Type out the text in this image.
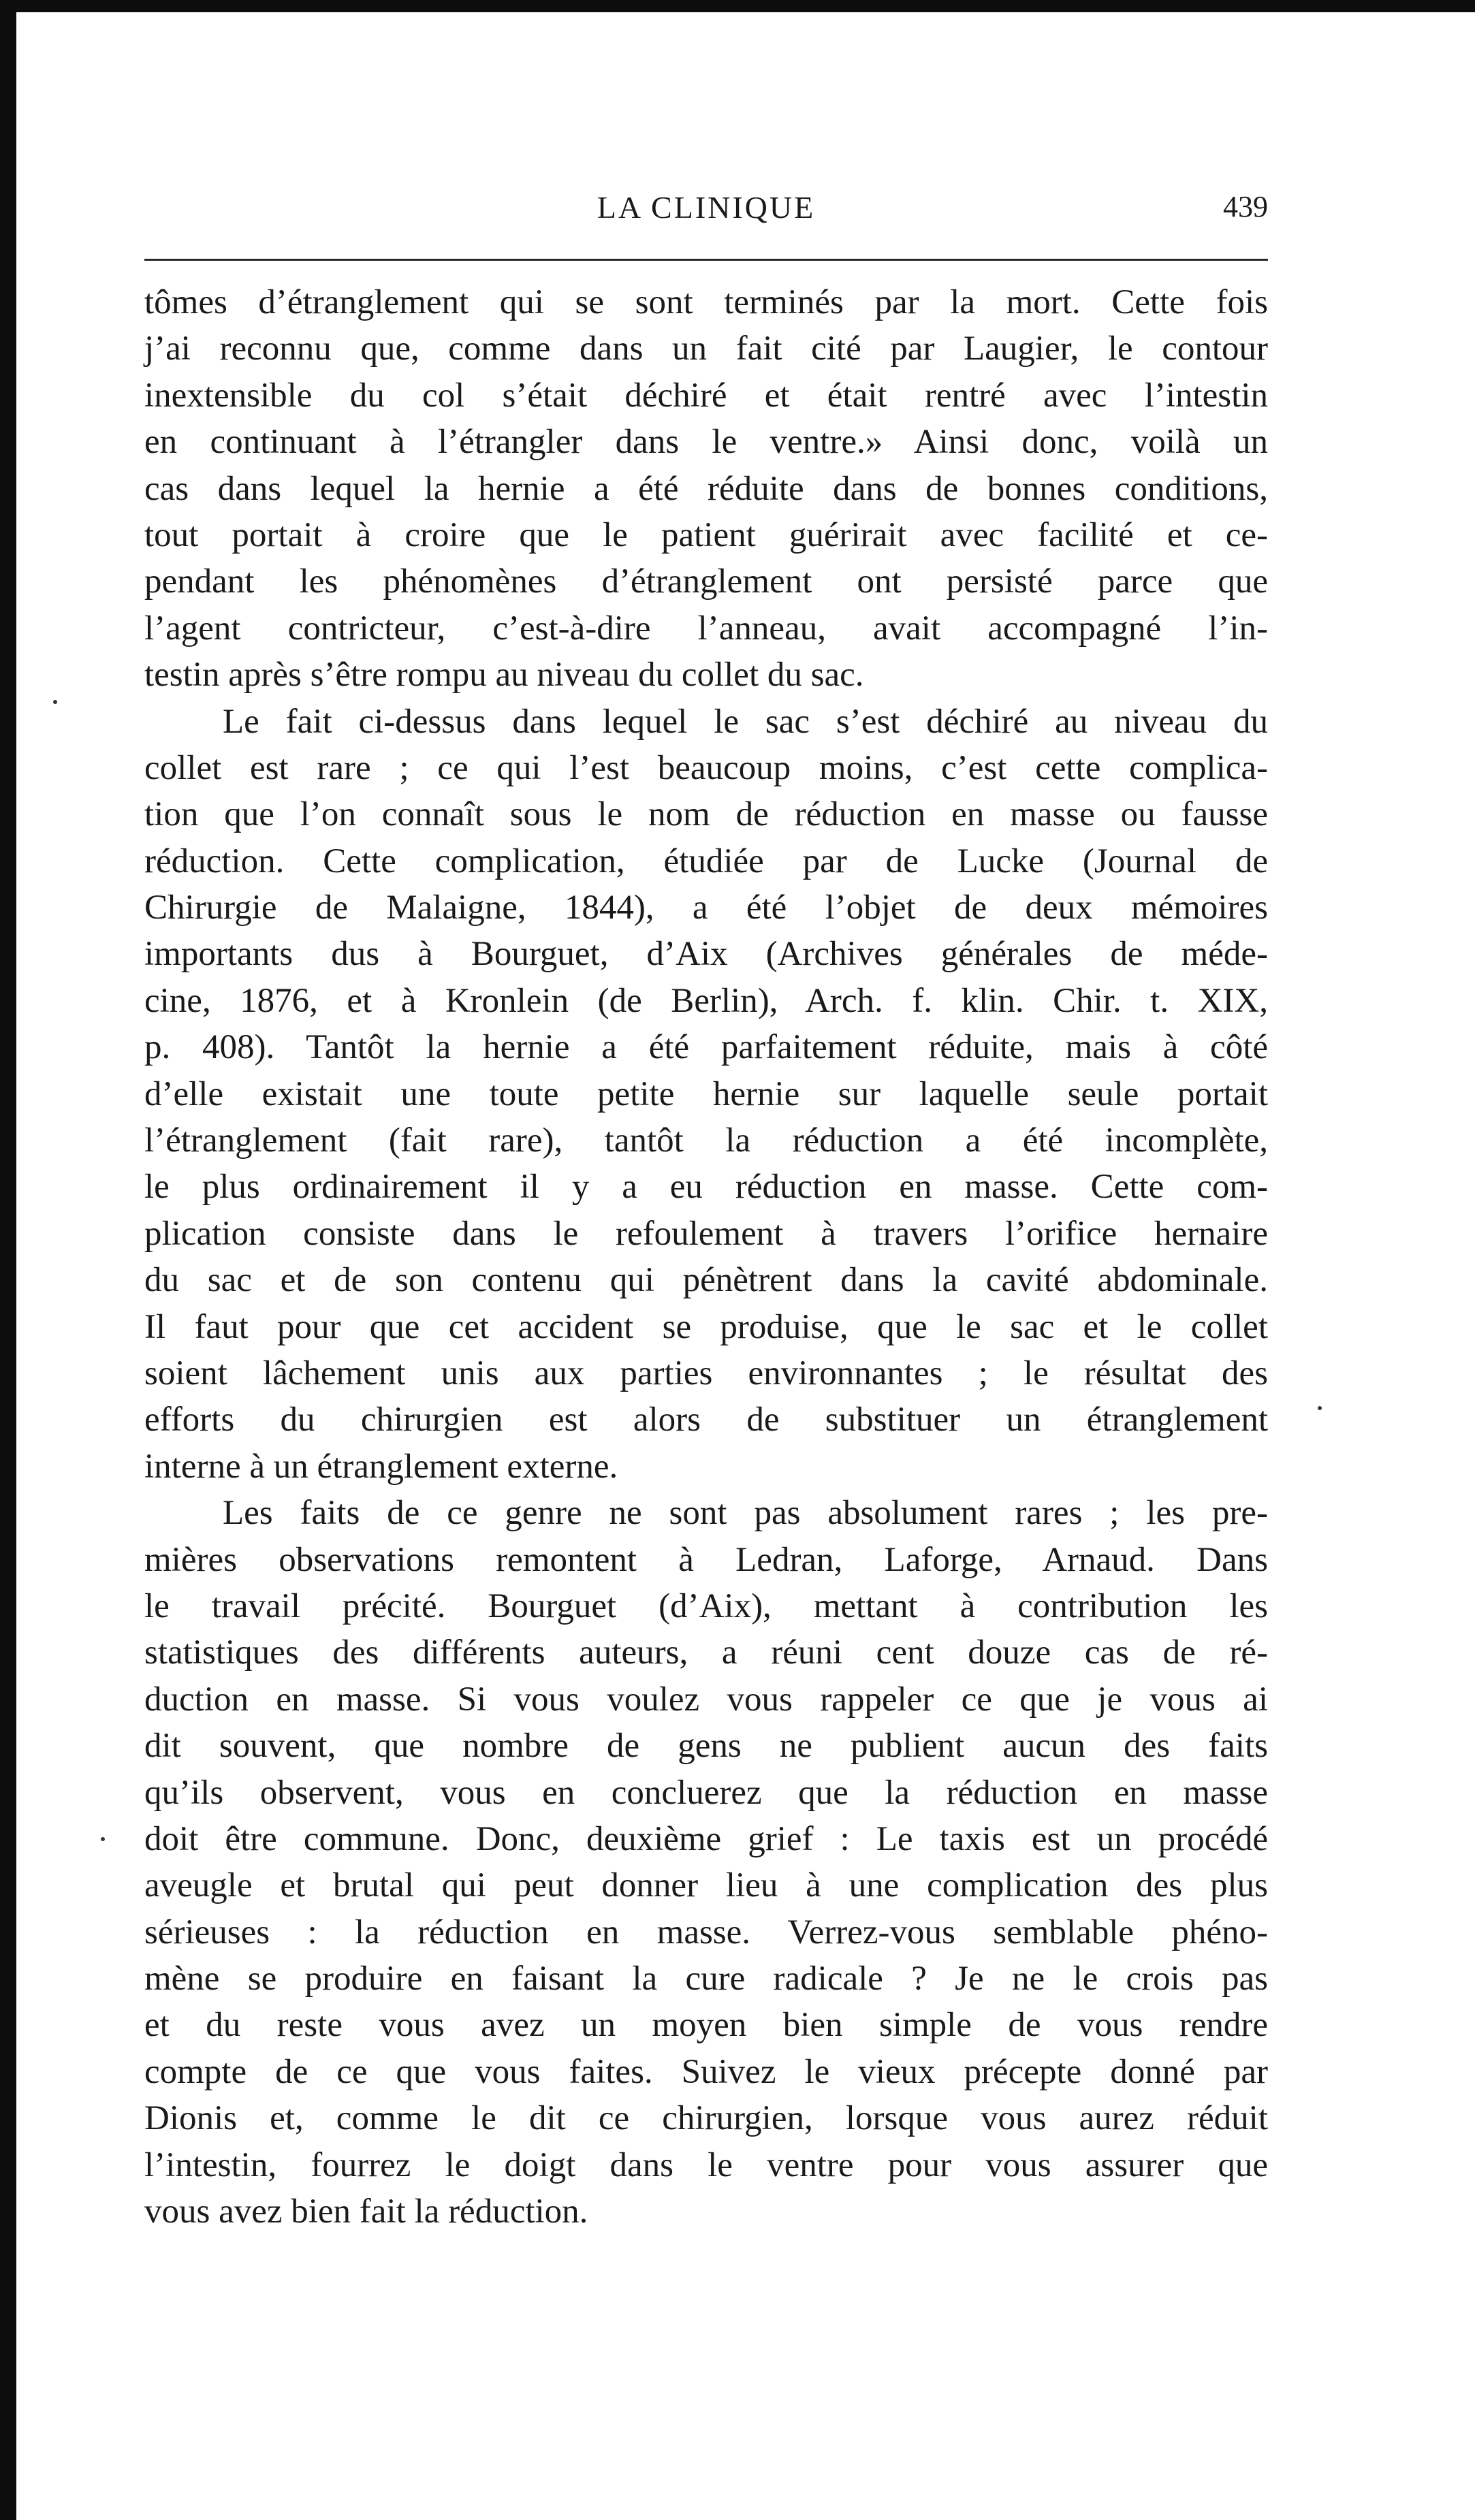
LA CLINIQUE	439
tômes d’étranglement qui se sont terminés par la mort. Cette fois
j’ai reconnu que, comme dans un fait cité par Laugier, le contour
inextensible du col s’était déchiré et était rentré avec l’intestin
en continuant à l’étrangler dans le ventre.» Ainsi donc, voilà un
cas dans lequel la hernie a été réduite dans de bonnes conditions,
tout portait à croire que le patient guérirait avec facilité et ce-
pendant les phénomènes d’étranglement ont persisté parce que
l’agent contricteur, c’est-à-dire l’anneau, avait accompagné l’in-
testin après s’être rompu au niveau du collet du sac.
Le fait ci-dessus dans lequel le sac s’est déchiré au niveau du
collet est rare ; ce qui l’est beaucoup moins, c’est cette complica-
tion que l’on connaît sous le nom de réduction en masse ou fausse
réduction. Cette complication, étudiée par de Lucke (Journal de
Chirurgie de Malaigne, 1844), a été l’objet de deux mémoires
importants dus à Bourguet, d’Aix (Archives générales de méde-
cine, 1876, et à Kronlein (de Berlin), Arch. f. klin. Chir. t. XIX,
p. 408). Tantôt la hernie a été parfaitement réduite, mais à côté
d’elle existait une toute petite hernie sur laquelle seule portait
l’étranglement (fait rare), tantôt la réduction a été incomplète,
le plus ordinairement il y a eu réduction en masse. Cette com-
plication consiste dans le refoulement à travers l’orifice hernaire
du sac et de son contenu qui pénètrent dans la cavité abdominale.
Il faut pour que cet accident se produise, que le sac et le collet
soient lâchement unis aux parties environnantes ; le résultat des
efforts du chirurgien est alors de substituer un étranglement
interne à un étranglement externe.
Les faits de ce genre ne sont pas absolument rares ; les pre-
mières observations remontent à Ledran, Laforge, Arnaud. Dans
le travail précité. Bourguet (d’Aix), mettant à contribution les
statistiques des différents auteurs, a réuni cent douze cas de ré-
duction en masse. Si vous voulez vous rappeler ce que je vous ai
dit souvent, que nombre de gens ne publient aucun des faits
qu’ils observent, vous en concluerez que la réduction en masse
doit être commune. Donc, deuxième grief : Le taxis est un procédé
aveugle et brutal qui peut donner lieu à une complication des plus
sérieuses : la réduction en masse. Verrez-vous semblable phéno-
mène se produire en faisant la cure radicale ? Je ne le crois pas
et du reste vous avez un moyen bien simple de vous rendre
compte de ce que vous faites. Suivez le vieux précepte donné par
Dionis et, comme le dit ce chirurgien, lorsque vous aurez réduit
l’intestin, fourrez le doigt dans le ventre pour vous assurer que
vous avez bien fait la réduction.
